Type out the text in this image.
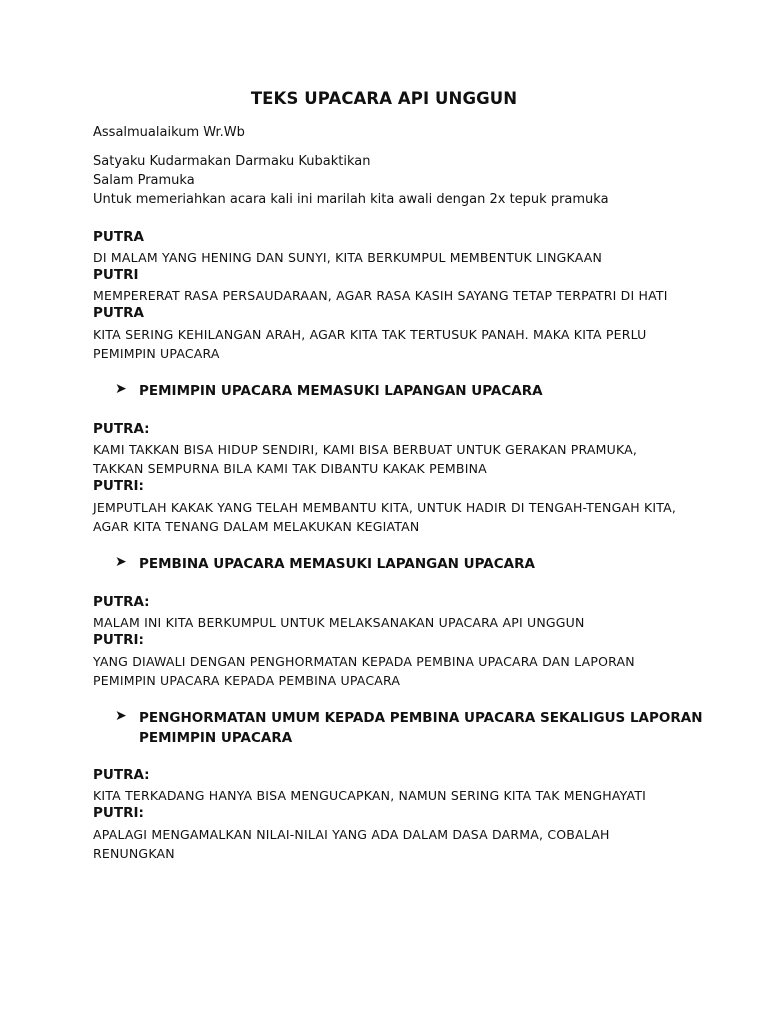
TEKS UPACARA API UNGGUN
Assalmualaikum Wr.Wb
Satyaku Kudarmakan Darmaku Kubaktikan
Salam Pramuka
Untuk memeriahkan acara kali ini marilah kita awali dengan 2x tepuk pramuka
PUTRA
DI MALAM YANG HENING DAN SUNYI, KITA BERKUMPUL MEMBENTUK LINGKAAN
PUTRI
MEMPERERAT RASA PERSAUDARAAN, AGAR RASA KASIH SAYANG TETAP TERPATRI DI HATI
PUTRA
KITA SERING KEHILANGAN ARAH, AGAR KITA TAK TERTUSUK PANAH. MAKA KITA PERLU
PEMIMPIN UPACARA
➤ PEMIMPIN UPACARA MEMASUKI LAPANGAN UPACARA
PUTRA:
KAMI TAKKAN BISA HIDUP SENDIRI, KAMI BISA BERBUAT UNTUK GERAKAN PRAMUKA,
TAKKAN SEMPURNA BILA KAMI TAK DIBANTU KAKAK PEMBINA
PUTRI:
JEMPUTLAH KAKAK YANG TELAH MEMBANTU KITA, UNTUK HADIR DI TENGAH-TENGAH KITA,
AGAR KITA TENANG DALAM MELAKUKAN KEGIATAN
➤ PEMBINA UPACARA MEMASUKI LAPANGAN UPACARA
PUTRA:
MALAM INI KITA BERKUMPUL UNTUK MELAKSANAKAN UPACARA API UNGGUN
PUTRI:
YANG DIAWALI DENGAN PENGHORMATAN KEPADA PEMBINA UPACARA DAN LAPORAN
PEMIMPIN UPACARA KEPADA PEMBINA UPACARA
➤ PENGHORMATAN UMUM KEPADA PEMBINA UPACARA SEKALIGUS LAPORAN
PEMIMPIN UPACARA
PUTRA:
KITA TERKADANG HANYA BISA MENGUCAPKAN, NAMUN SERING KITA TAK MENGHAYATI
PUTRI:
APALAGI MENGAMALKAN NILAI-NILAI YANG ADA DALAM DASA DARMA, COBALAH
RENUNGKAN
